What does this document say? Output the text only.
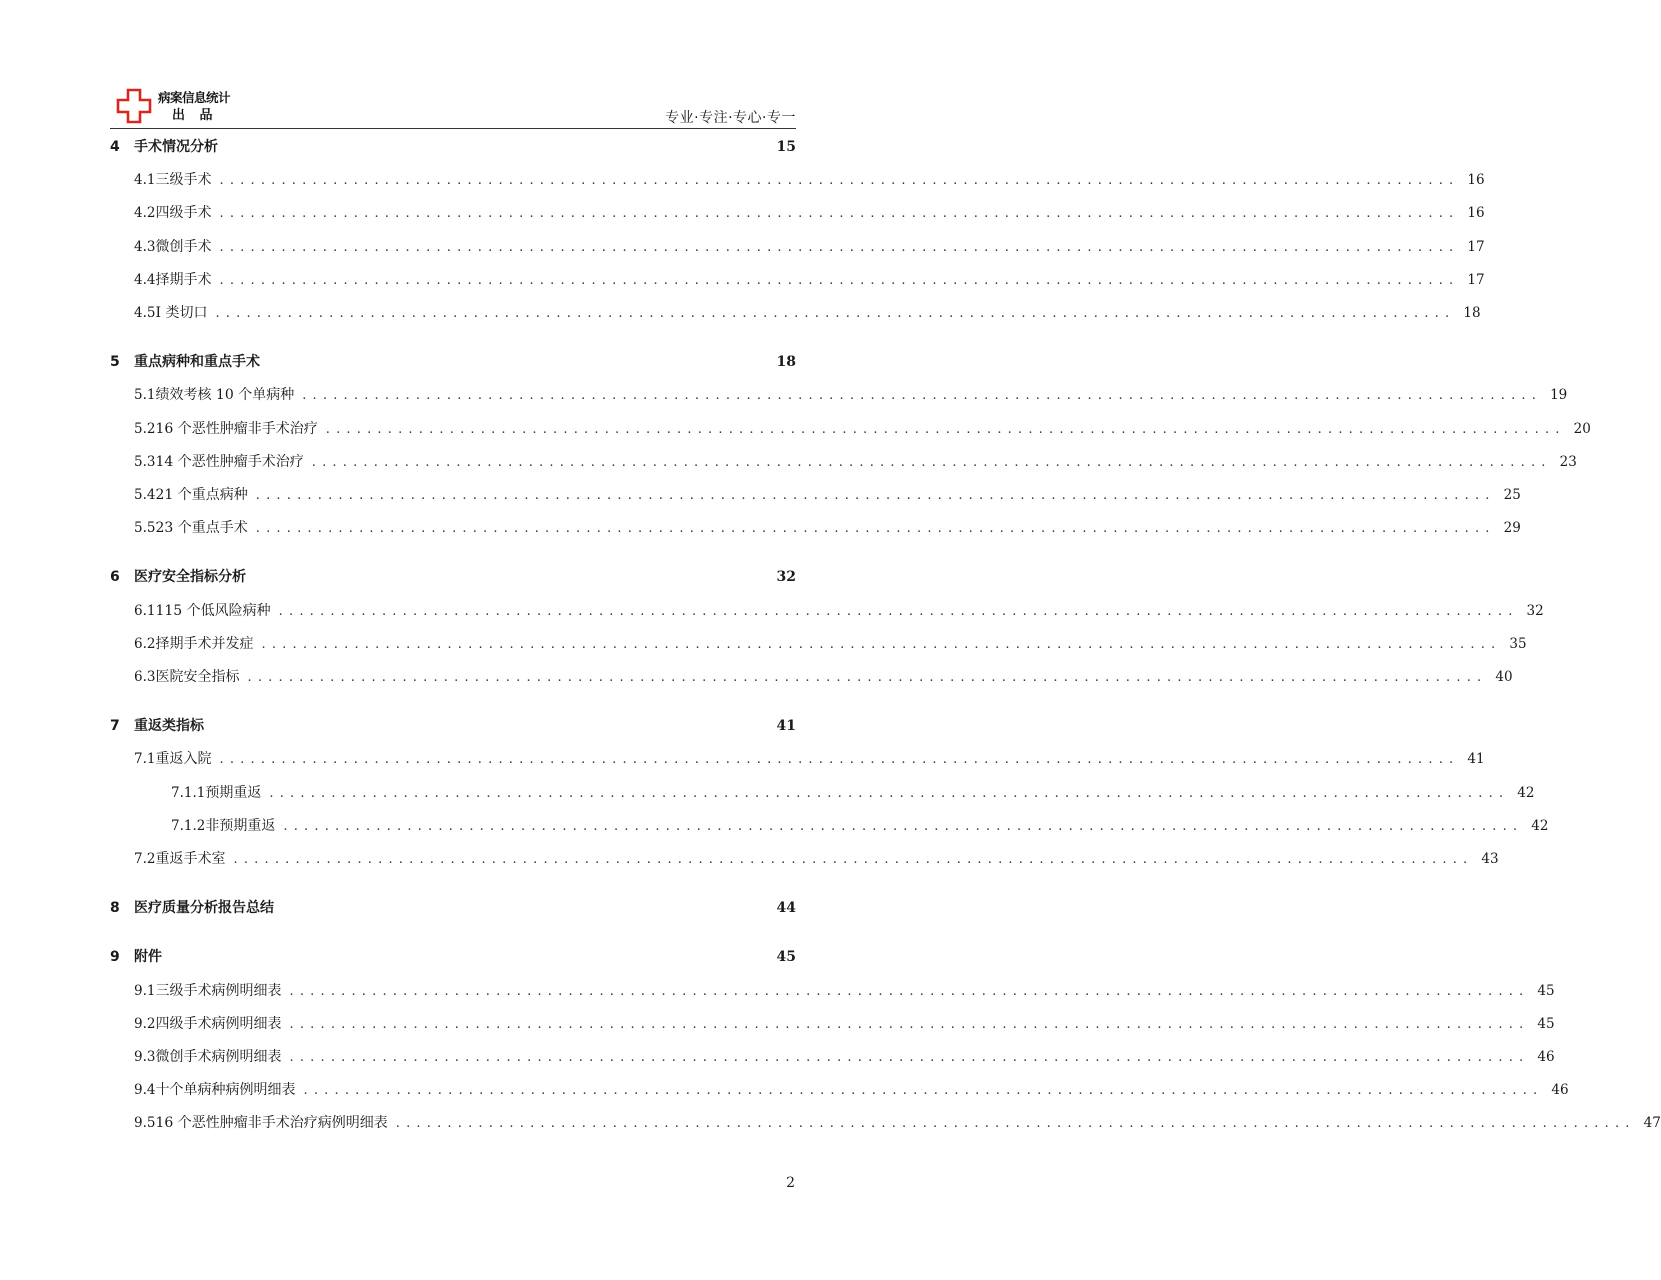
病案信息统计
出 品	专业·专注·专心·专一
4	手术情况分析	15
4.1 三级手术 ........................................................................................................................ 16
4.2 四级手术 ........................................................................................................................ 16
4.3 微创手术 ........................................................................................................................ 17
4.4 择期手术 ........................................................................................................................ 17
4.5 I 类切口 ........................................................................................................................ 18
5	重点病种和重点手术	18
5.1 绩效考核 10 个单病种 ........................................................................................................................ 19
5.2 16 个恶性肿瘤非手术治疗 ........................................................................................................................ 20
5.3 14 个恶性肿瘤手术治疗 ........................................................................................................................ 23
5.4 21 个重点病种 ........................................................................................................................ 25
5.5 23 个重点手术 ........................................................................................................................ 29
6	医疗安全指标分析	32
6.1 115 个低风险病种 ........................................................................................................................ 32
6.2 择期手术并发症 ........................................................................................................................ 35
6.3 医院安全指标 ........................................................................................................................ 40
7	重返类指标	41
7.1 重返入院 ........................................................................................................................ 41
7.1.1 预期重返 ........................................................................................................................ 42
7.1.2 非预期重返 ........................................................................................................................ 42
7.2 重返手术室 ........................................................................................................................ 43
8	医疗质量分析报告总结	44
9	附件	45
9.1 三级手术病例明细表 ........................................................................................................................ 45
9.2 四级手术病例明细表 ........................................................................................................................ 45
9.3 微创手术病例明细表 ........................................................................................................................ 46
9.4 十个单病种病例明细表 ........................................................................................................................ 46
9.5 16 个恶性肿瘤非手术治疗病例明细表 ........................................................................................................................ 47
2
